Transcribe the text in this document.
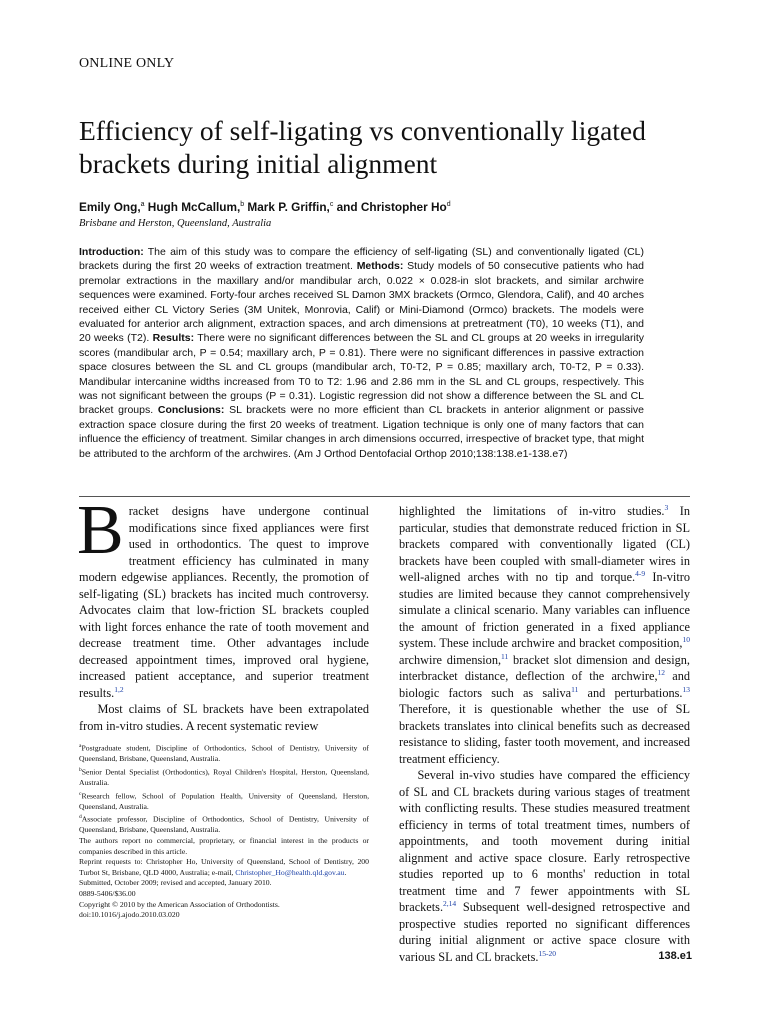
ONLINE ONLY
Efficiency of self-ligating vs conventionally ligated brackets during initial alignment
Emily Ong,$^a$ Hugh McCallum,$^b$ Mark P. Griffin,$^c$ and Christopher Ho$^d$
Brisbane and Herston, Queensland, Australia

Introduction: The aim of this study was to compare the efficiency of self-ligating (SL) and conventionally ligated (CL) brackets during the first 20 weeks of extraction treatment. Methods: Study models of 50 consecutive patients who had premolar extractions in the maxillary and/or mandibular arch, 0.022 × 0.028-in slot brackets, and similar archwire sequences were examined. Forty-four arches received SL Damon 3MX brackets (Ormco, Glendora, Calif), and 40 arches received either CL Victory Series (3M Unitek, Monrovia, Calif) or Mini-Diamond (Ormco) brackets. The models were evaluated for anterior arch alignment, extraction spaces, and arch dimensions at pretreatment (T0), 10 weeks (T1), and 20 weeks (T2). Results: There were no significant differences between the SL and CL groups at 20 weeks in irregularity scores (mandibular arch, P = 0.54; maxillary arch, P = 0.81). There were no significant differences in passive extraction space closures between the SL and CL groups (mandibular arch, T0-T2, P = 0.85; maxillary arch, T0-T2, P = 0.33). Mandibular intercanine widths increased from T0 to T2: 1.96 and 2.86 mm in the SL and CL groups, respectively. This was not significant between the groups (P = 0.31). Logistic regression did not show a difference between the SL and CL bracket groups. Conclusions: SL brackets were no more efficient than CL brackets in anterior alignment or passive extraction space closure during the first 20 weeks of treatment. Ligation technique is only one of many factors that can influence the efficiency of treatment. Similar changes in arch dimensions occurred, irrespective of bracket type, that might be attributed to the archform of the archwires. (Am J Orthod Dentofacial Orthop 2010;138:138.e1-138.e7)

Bracket designs have undergone continual modifications since fixed appliances were first used in orthodontics. The quest to improve treatment efficiency has culminated in many modern edgewise appliances. Recently, the promotion of self-ligating (SL) brackets has incited much controversy. Advocates claim that low-friction SL brackets coupled with light forces enhance the rate of tooth movement and decrease treatment time. Other advantages include decreased appointment times, improved oral hygiene, increased patient acceptance, and superior treatment results.$^{1,2}$

Most claims of SL brackets have been extrapolated from in-vitro studies. A recent systematic review

highlighted the limitations of in-vitro studies.$^3$ In particular, studies that demonstrate reduced friction in SL brackets compared with conventionally ligated (CL) brackets have been coupled with small-diameter wires in well-aligned arches with no tip and torque.$^{4-9}$ In-vitro studies are limited because they cannot comprehensively simulate a clinical scenario. Many variables can influence the amount of friction generated in a fixed appliance system. These include archwire and bracket composition,$^{10}$ archwire dimension,$^{11}$ bracket slot dimension and design, interbracket distance, deflection of the archwire,$^{12}$ and biologic factors such as saliva$^{11}$ and perturbations.$^{13}$ Therefore, it is questionable whether the use of SL brackets translates into clinical benefits such as decreased resistance to sliding, faster tooth movement, and increased treatment efficiency.

Several in-vivo studies have compared the efficiency of SL and CL brackets during various stages of treatment with conflicting results. These studies measured treatment efficiency in terms of total treatment times, numbers of appointments, and tooth movement during initial alignment and active space closure. Early retrospective studies reported up to 6 months' reduction in total treatment time and 7 fewer appointments with SL brackets.$^{2,14}$ Subsequent well-designed retrospective and prospective studies reported no significant differences during initial alignment or active space closure with various SL and CL brackets.$^{15-20}$

$^a$Postgraduate student, Discipline of Orthodontics, School of Dentistry, University of Queensland, Brisbane, Queensland, Australia.

$^b$Senior Dental Specialist (Orthodontics), Royal Children's Hospital, Herston, Queensland, Australia.

$^c$Research fellow, School of Population Health, University of Queensland, Herston, Queensland, Australia.

$^d$Associate professor, Discipline of Orthodontics, School of Dentistry, University of Queensland, Brisbane, Queensland, Australia.

The authors report no commercial, proprietary, or financial interest in the products or companies described in this article.

Reprint requests to: Christopher Ho, University of Queensland, School of Dentistry, 200 Turbot St, Brisbane, QLD 4000, Australia; e-mail, Christopher_Ho@health.qld.gov.au.

Submitted, October 2009; revised and accepted, January 2010.

0889-5406/$36.00

Copyright © 2010 by the American Association of Orthodontists.

doi:10.1016/j.ajodo.2010.03.020

138.e1
